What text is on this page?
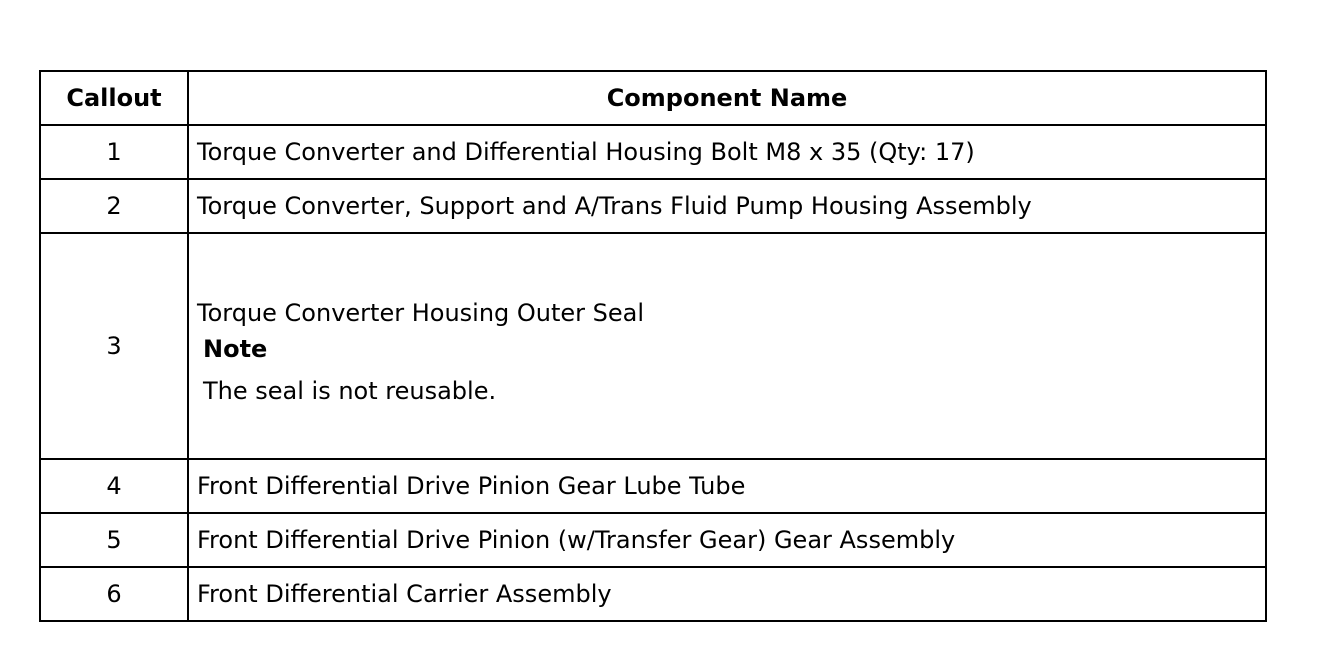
Callout	Component Name
1	Torque Converter and Differential Housing Bolt M8 x 35 (Qty: 17)
2	Torque Converter, Support and A/Trans Fluid Pump Housing Assembly
3	Torque Converter Housing Outer Seal
Note
The seal is not reusable.

4	Front Differential Drive Pinion Gear Lube Tube
5	Front Differential Drive Pinion (w/Transfer Gear) Gear Assembly
6	Front Differential Carrier Assembly
